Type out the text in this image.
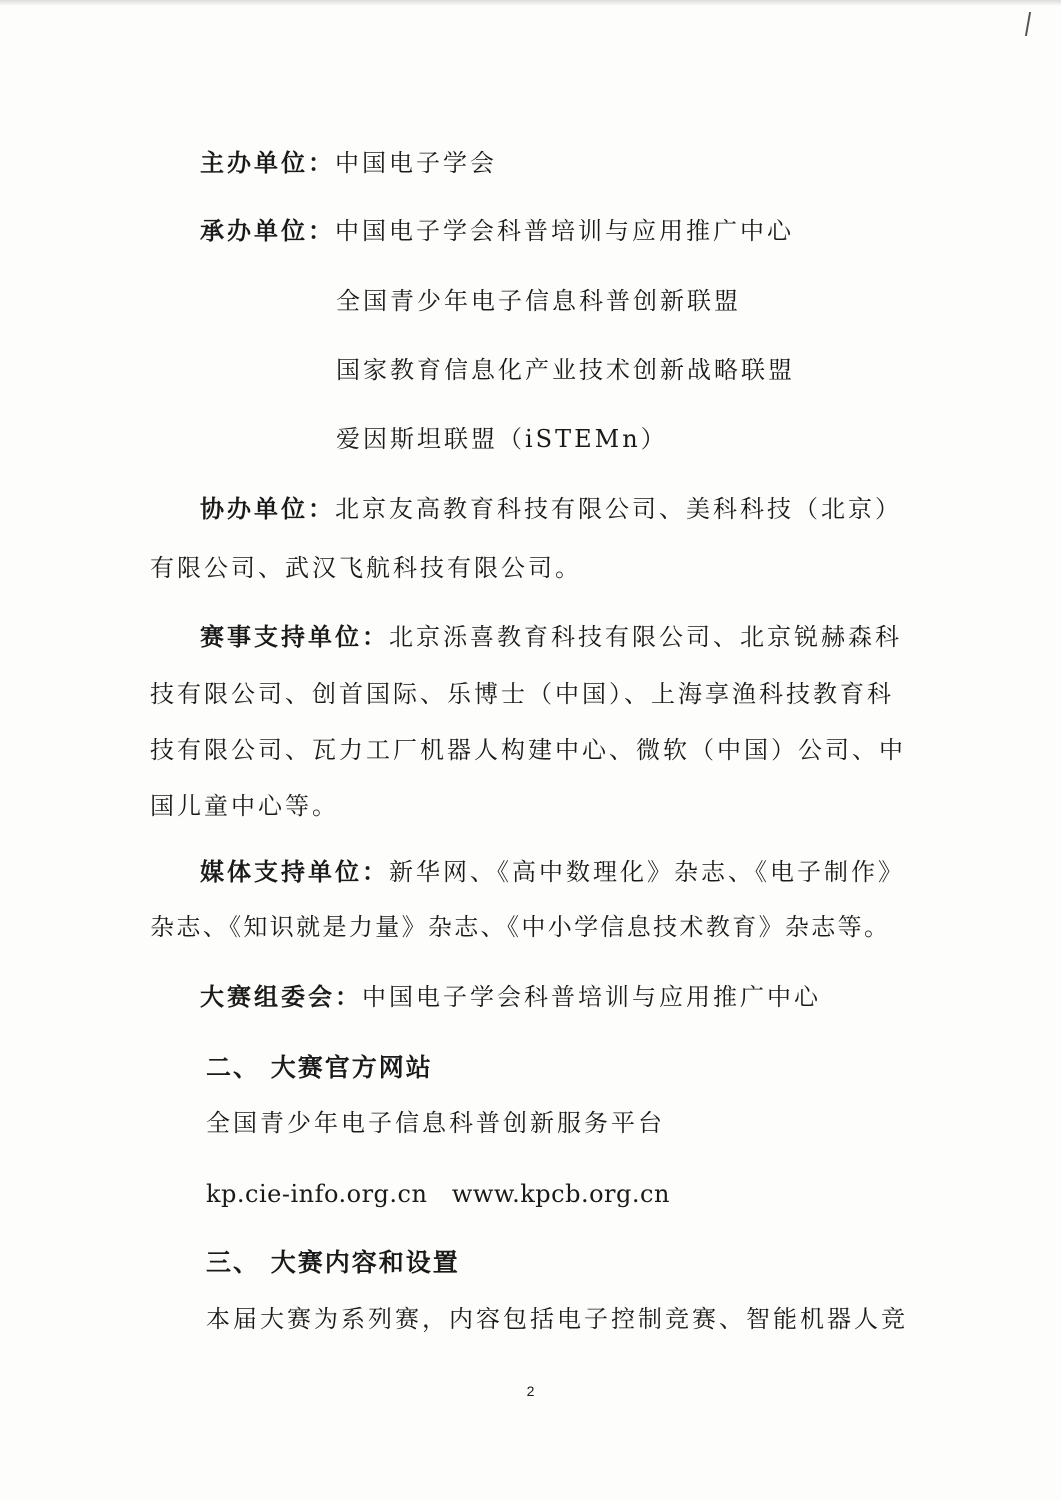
主办单位：中国电子学会
承办单位：中国电子学会科普培训与应用推广中心
全国青少年电子信息科普创新联盟
国家教育信息化产业技术创新战略联盟
爱因斯坦联盟（iSTEMn）
协办单位：北京友高教育科技有限公司、美科科技（北京）
有限公司、武汉飞航科技有限公司。
赛事支持单位：北京泺喜教育科技有限公司、北京锐赫森科
技有限公司、创首国际、乐博士（中国）、上海享渔科技教育科
技有限公司、瓦力工厂机器人构建中心、微软（中国）公司、中
国儿童中心等。
媒体支持单位：新华网、《高中数理化》杂志、《电子制作》
杂志、《知识就是力量》杂志、《中小学信息技术教育》杂志等。
大赛组委会：中国电子学会科普培训与应用推广中心
二、 大赛官方网站
全国青少年电子信息科普创新服务平台
kp.cie-info.org.cn   www.kpcb.org.cn
三、 大赛内容和设置
本届大赛为系列赛，内容包括电子控制竞赛、智能机器人竞
2
